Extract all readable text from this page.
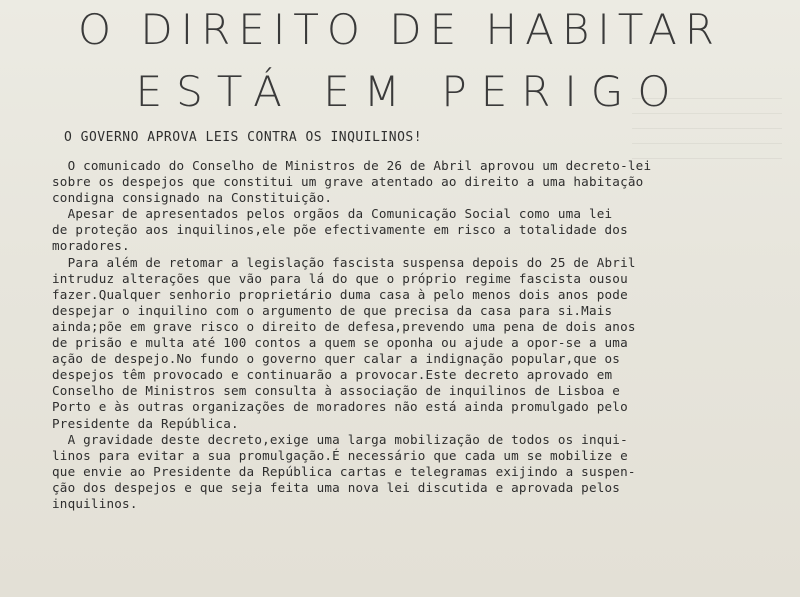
O DIREITO DE HABITAR
ESTÁ EM PERIGO
O GOVERNO APROVA LEIS CONTRA OS INQUILINOS!
O comunicado do Conselho de Ministros de 26 de Abril aprovou um decreto-lei
sobre os despejos que constitui um grave atentado ao direito a uma habitação
condigna consignado na Constituição.
Apesar de apresentados pelos orgãos da Comunicação Social como uma lei
de proteção aos inquilinos,ele põe efectivamente em risco a totalidade dos
moradores.
Para além de retomar a legislação fascista suspensa depois do 25 de Abril
intruduz alterações que vão para lá do que o próprio regime fascista ousou
fazer.Qualquer senhorio proprietário duma casa à pelo menos dois anos pode
despejar o inquilino com o argumento de que precisa da casa para si.Mais
ainda;põe em grave risco o direito de defesa,prevendo uma pena de dois anos
de prisão e multa até 100 contos a quem se oponha ou ajude a opor-se a uma
ação de despejo.No fundo o governo quer calar a indignação popular,que os
despejos têm provocado e continuarão a provocar.Este decreto aprovado em
Conselho de Ministros sem consulta à associação de inquilinos de Lisboa e
Porto e às outras organizações de moradores não está ainda promulgado pelo
Presidente da República.
A gravidade deste decreto,exige uma larga mobilização de todos os inqui-
linos para evitar a sua promulgação.É necessário que cada um se mobilize e
que envie ao Presidente da República cartas e telegramas exijindo a suspen-
ção dos despejos e que seja feita uma nova lei discutida e aprovada pelos
inquilinos.
